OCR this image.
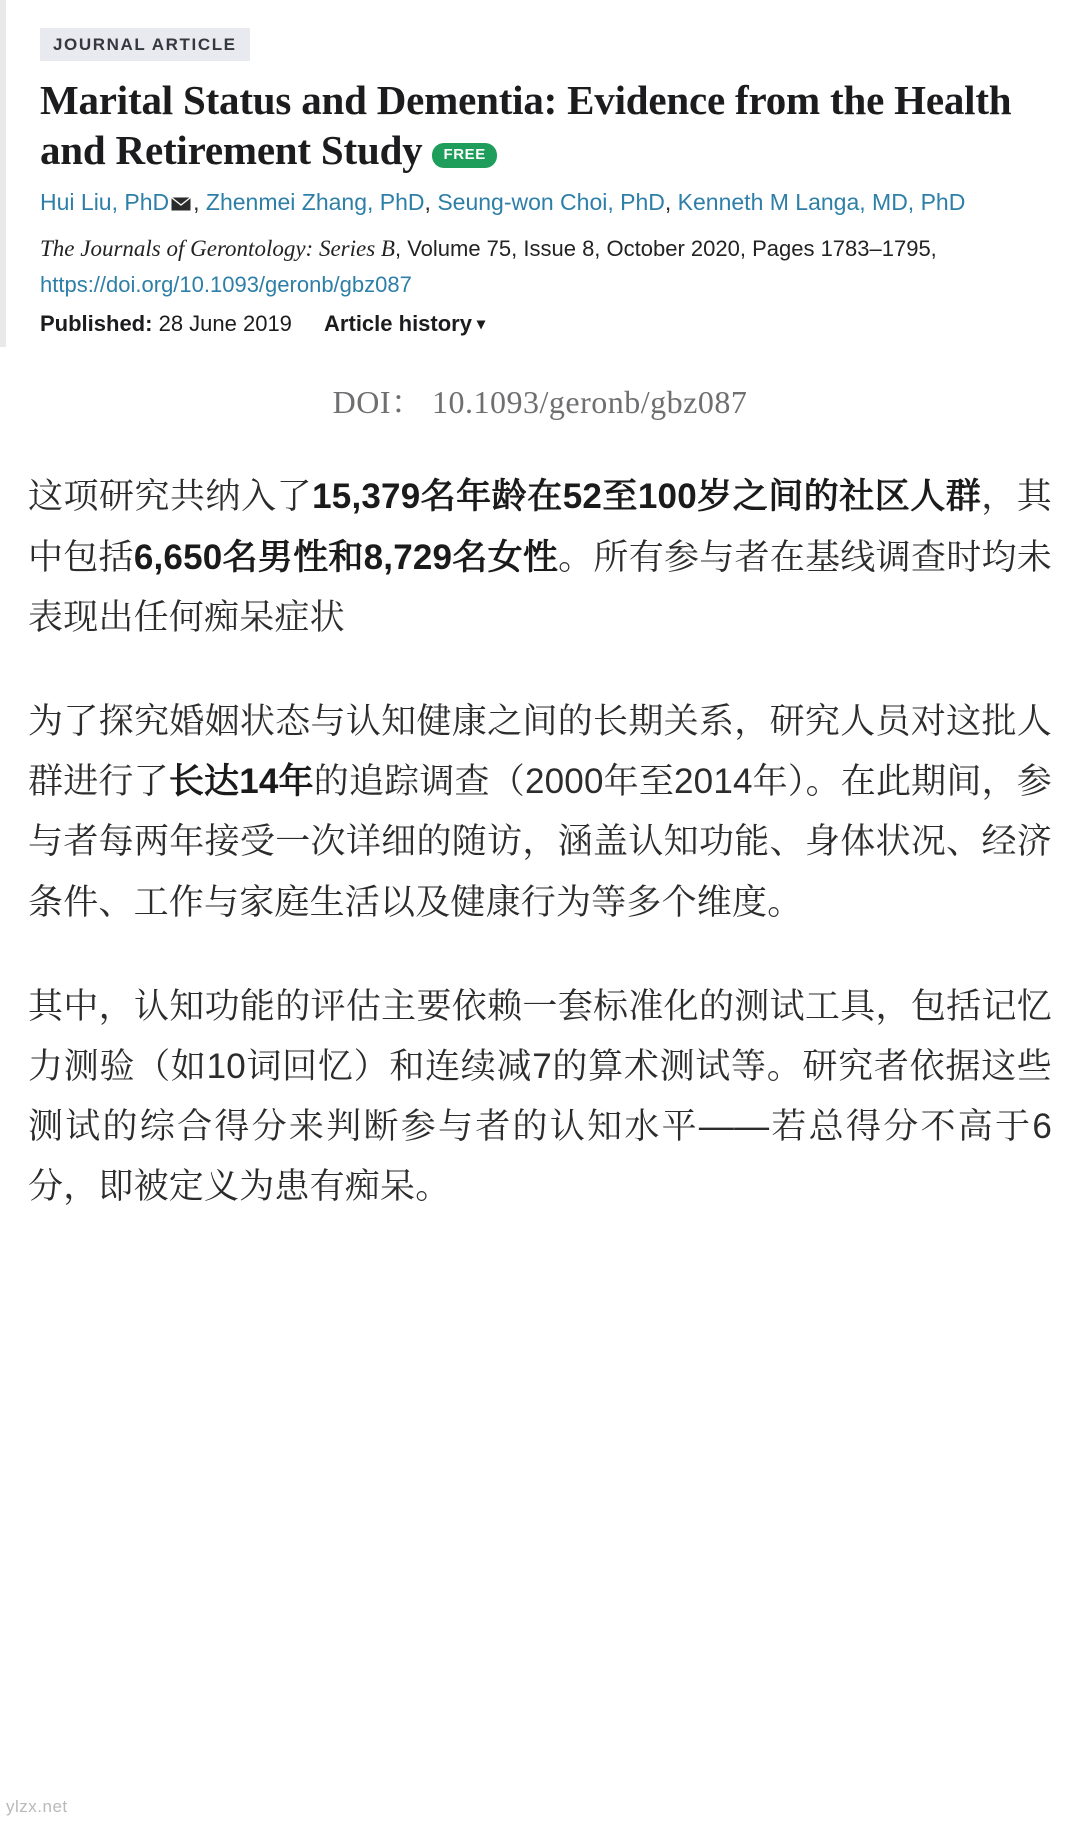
JOURNAL ARTICLE
Marital Status and Dementia: Evidence from the Health and Retirement Study FREE
Hui Liu, PhD , Zhenmei Zhang, PhD, Seung-won Choi, PhD, Kenneth M Langa, MD, PhD
The Journals of Gerontology: Series B, Volume 75, Issue 8, October 2020, Pages 1783–1795,
https://doi.org/10.1093/geronb/gbz087
Published: 28 June 2019 Article history ▾
DOI： 10.1093/geronb/gbz087

这项研究共纳入了15,379名年龄在52至100岁之间的社区人群，其中包括6,650名男性和8,729名女性。所有参与者在基线调查时均未表现出任何痴呆症状

为了探究婚姻状态与认知健康之间的长期关系，研究人员对这批人群进行了长达14年的追踪调查（2000年至2014年）。在此期间，参与者每两年接受一次详细的随访，涵盖认知功能、身体状况、经济条件、工作与家庭生活以及健康行为等多个维度。

其中，认知功能的评估主要依赖一套标准化的测试工具，包括记忆力测验（如10词回忆）和连续减7的算术测试等。研究者依据这些测试的综合得分来判断参与者的认知水平——若总得分不高于6分，即被定义为患有痴呆。

ylzx.net
